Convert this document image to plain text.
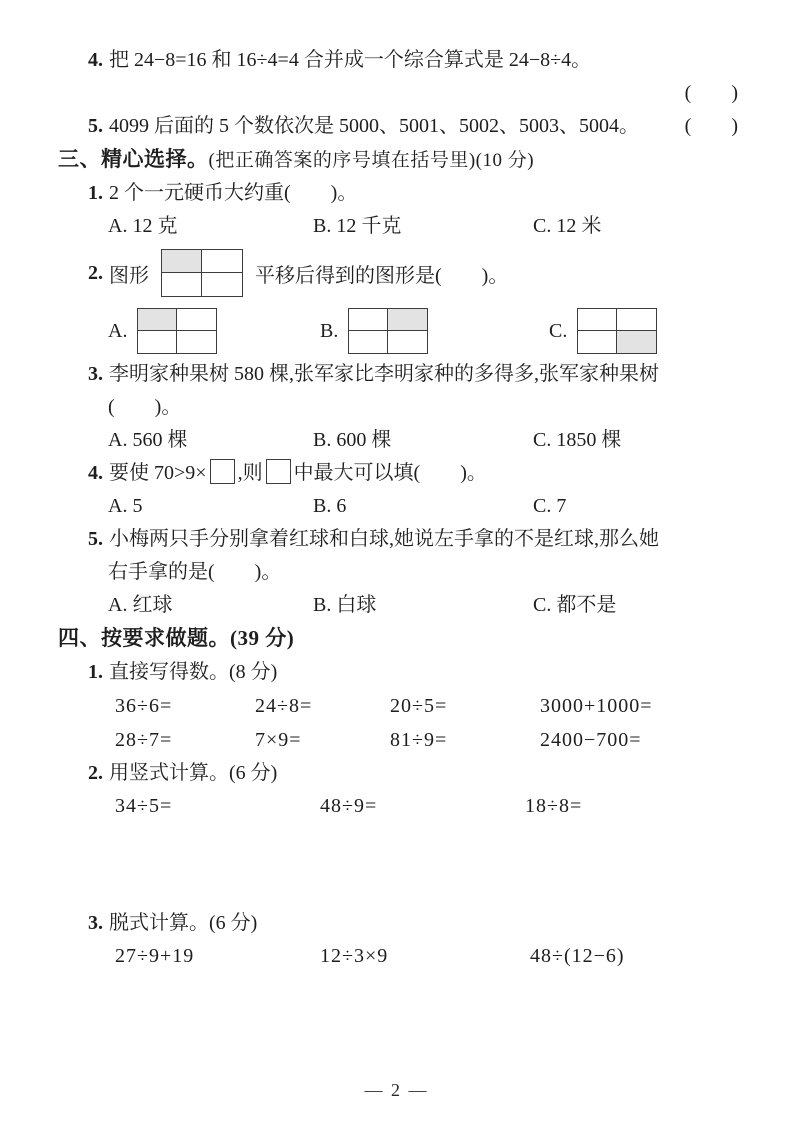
4. 把 24−8=16 和 16÷4=4 合并成一个综合算式是 24−8÷4。
(        )
5. 4099 后面的 5 个数依次是 5000、5001、5002、5003、5004。 (        )
三、精心选择。(把正确答案的序号填在括号里)(10 分)
1. 2 个一元硬币大约重(        )。
A. 12 克	B. 12 千克	C. 12 米
2. 图形	平移后得到的图形是(        )。
A.	B.	C.
3. 李明家种果树 580 棵,张军家比李明家种的多得多,张军家种果树
(        )。
A. 560 棵	B. 600 棵	C. 1850 棵
4. 要使 70>9× ,则 中最大可以填(        )。
A. 5	B. 6	C. 7
5. 小梅两只手分别拿着红球和白球,她说左手拿的不是红球,那么她
右手拿的是(        )。
A. 红球	B. 白球	C. 都不是
四、按要求做题。(39 分)
1. 直接写得数。(8 分)
36÷6=	24÷8=	20÷5=	3000+1000=
28÷7=	7×9=	81÷9=	2400−700=
2. 用竖式计算。(6 分)
34÷5=	48÷9=	18÷8=
3. 脱式计算。(6 分)
27÷9+19	12÷3×9	48÷(12−6)
— 2 —
